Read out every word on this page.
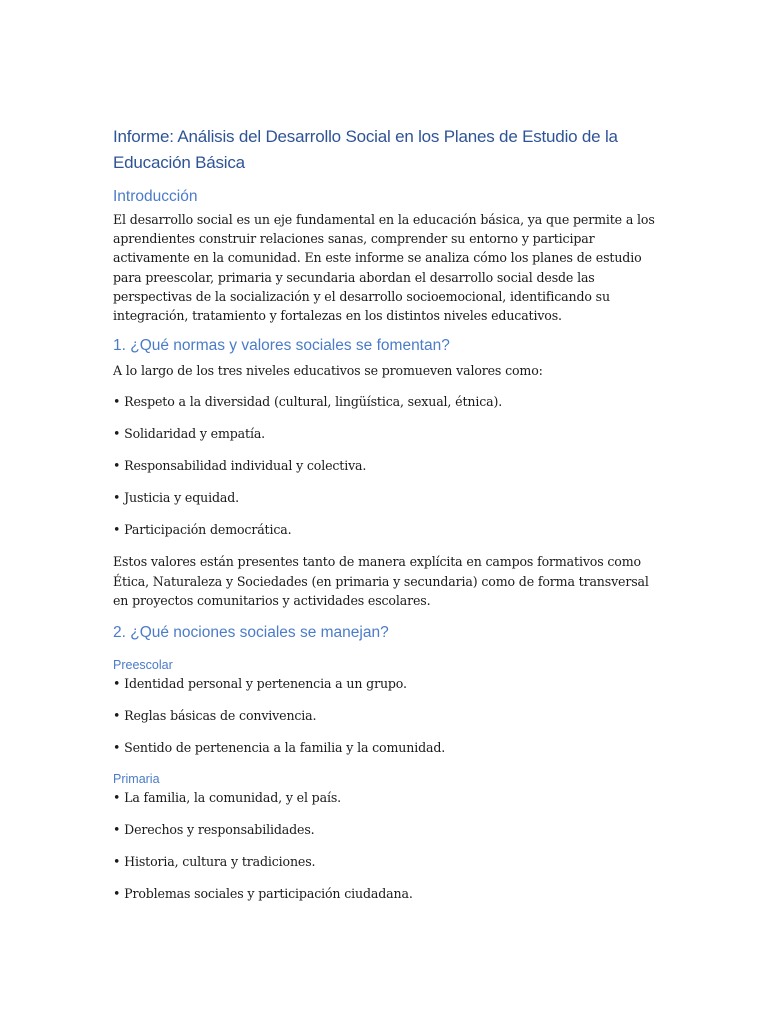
Informe: Análisis del Desarrollo Social en los Planes de Estudio de la Educación Básica
Introducción

El desarrollo social es un eje fundamental en la educación básica, ya que permite a los aprendientes construir relaciones sanas, comprender su entorno y participar activamente en la comunidad. En este informe se analiza cómo los planes de estudio para preescolar, primaria y secundaria abordan el desarrollo social desde las perspectivas de la socialización y el desarrollo socioemocional, identificando su integración, tratamiento y fortalezas en los distintos niveles educativos.

1. ¿Qué normas y valores sociales se fomentan?

A lo largo de los tres niveles educativos se promueven valores como:

• Respeto a la diversidad (cultural, lingüística, sexual, étnica).

• Solidaridad y empatía.

• Responsabilidad individual y colectiva.

• Justicia y equidad.

• Participación democrática.

Estos valores están presentes tanto de manera explícita en campos formativos como Ética, Naturaleza y Sociedades (en primaria y secundaria) como de forma transversal en proyectos comunitarios y actividades escolares.

2. ¿Qué nociones sociales se manejan?
Preescolar

• Identidad personal y pertenencia a un grupo.

• Reglas básicas de convivencia.

• Sentido de pertenencia a la familia y la comunidad.

Primaria

• La familia, la comunidad, y el país.

• Derechos y responsabilidades.

• Historia, cultura y tradiciones.

• Problemas sociales y participación ciudadana.
